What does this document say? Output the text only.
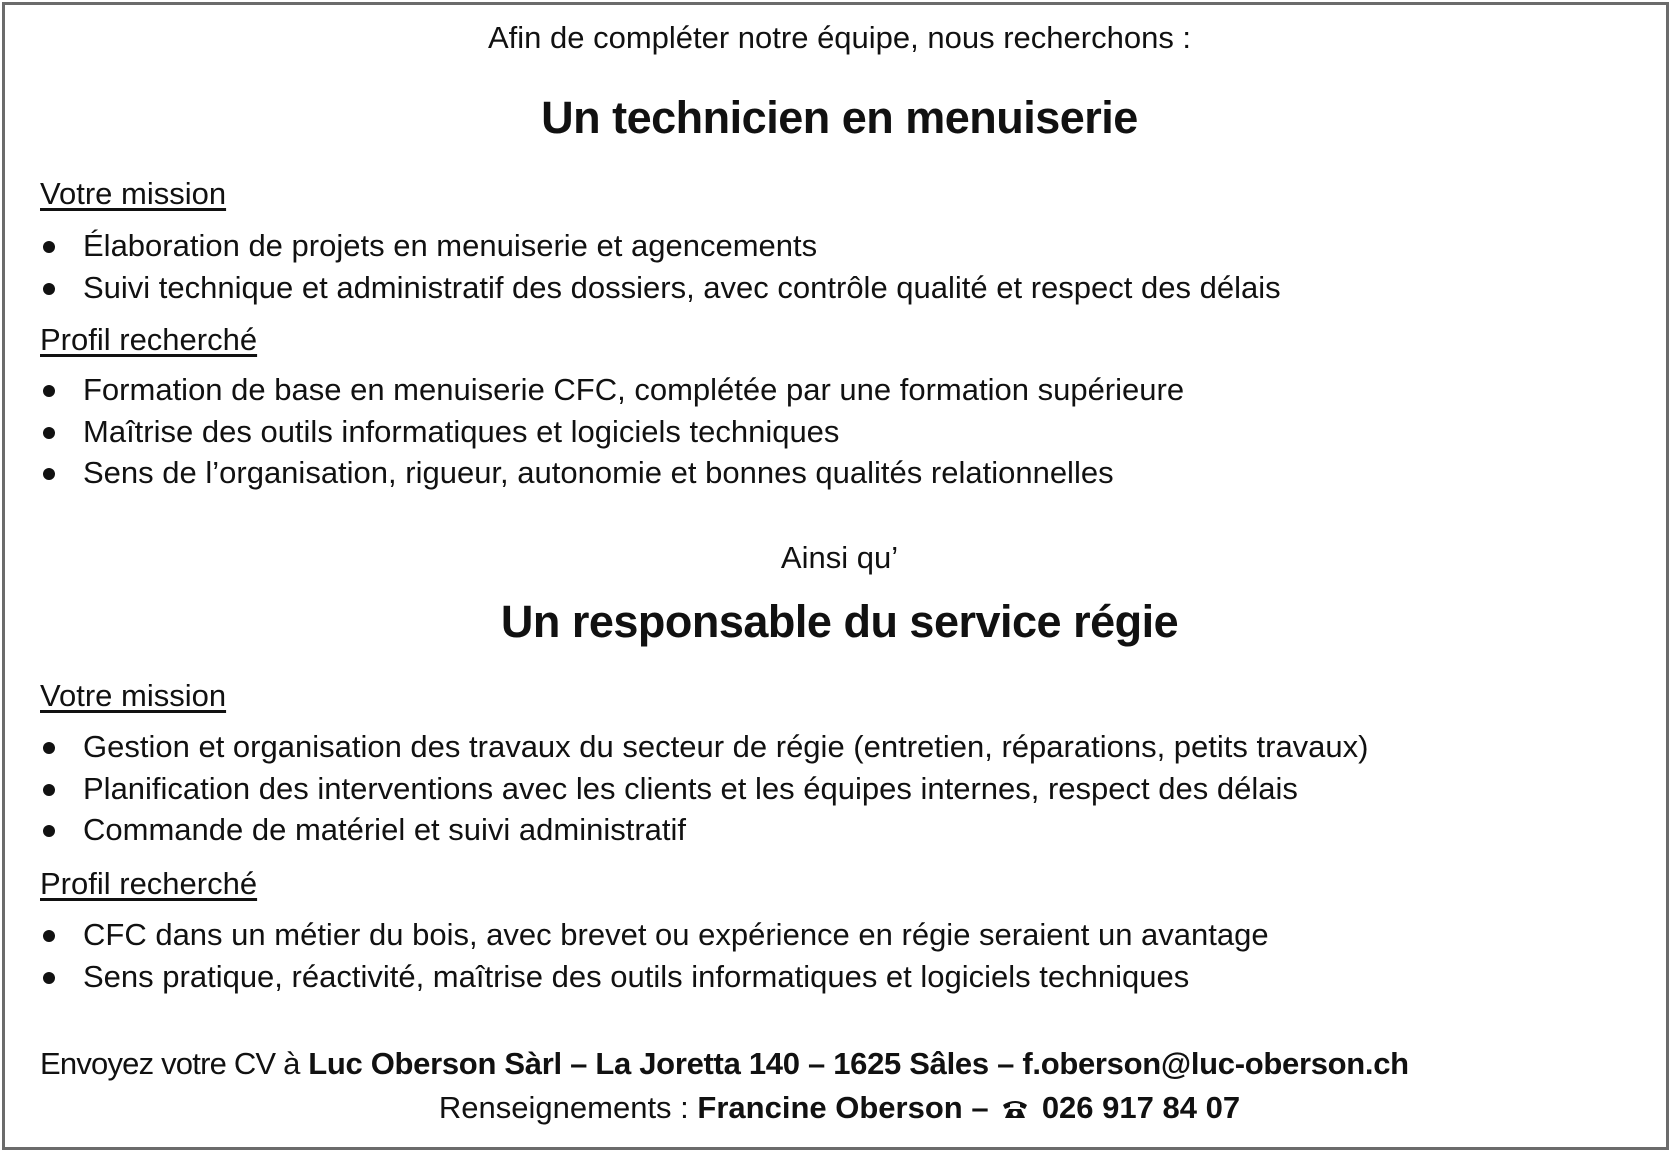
Afin de compléter notre équipe, nous recherchons :
Un technicien en menuiserie
Votre mission
Élaboration de projets en menuiserie et agencements
Suivi technique et administratif des dossiers, avec contrôle qualité et respect des délais
Profil recherché
Formation de base en menuiserie CFC, complétée par une formation supérieure
Maîtrise des outils informatiques et logiciels techniques
Sens de l’organisation, rigueur, autonomie et bonnes qualités relationnelles
Ainsi qu’
Un responsable du service régie
Votre mission
Gestion et organisation des travaux du secteur de régie (entretien, réparations, petits travaux)
Planification des interventions avec les clients et les équipes internes, respect des délais
Commande de matériel et suivi administratif
Profil recherché
CFC dans un métier du bois, avec brevet ou expérience en régie seraient un avantage
Sens pratique, réactivité, maîtrise des outils informatiques et logiciels techniques
Envoyez votre CV à Luc Oberson Sàrl – La Joretta 140 – 1625 Sâles – f.oberson@luc-oberson.ch
Renseignements : Francine Oberson – 026 917 84 07
